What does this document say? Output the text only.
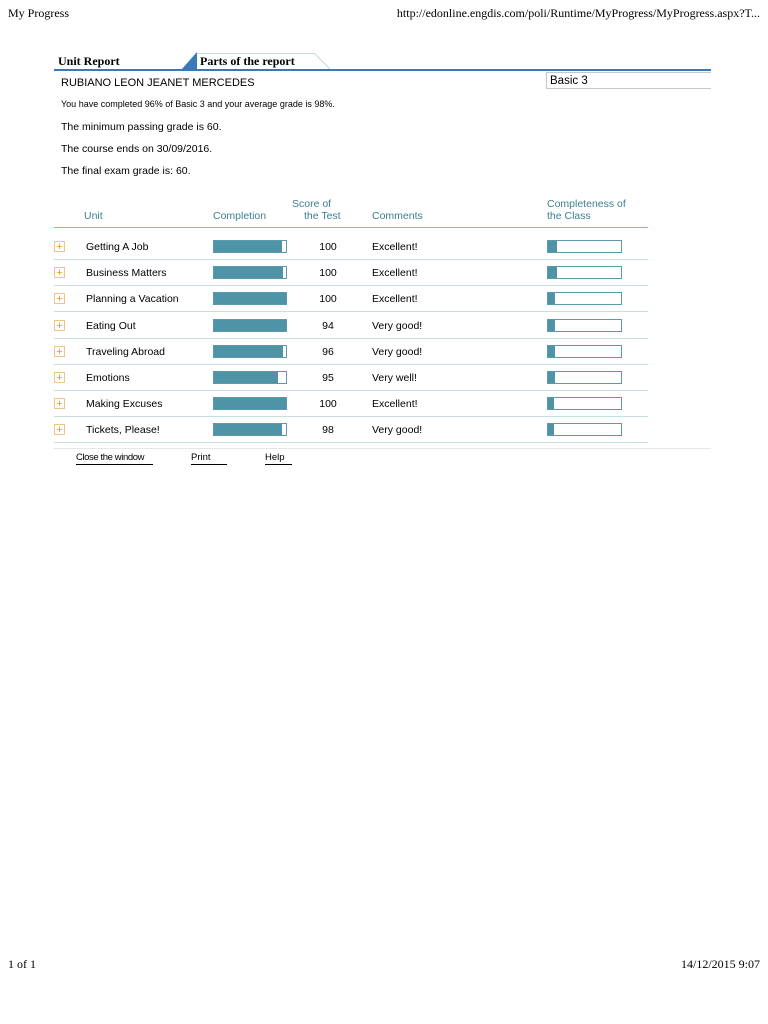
My Progress	http://edonline.engdis.com/poli/Runtime/MyProgress/MyProgress.aspx?T...
Unit Report	Parts of the report
RUBIANO LEON JEANET MERCEDES	Basic 3
You have completed 96% of Basic 3 and your average grade is 98%.
The minimum passing grade is 60.
The course ends on 30/09/2016.
The final exam grade is: 60.
Unit	Completion
Score of
the Test	Comments
Completeness of
the Class
+ Getting A Job	100	Excellent!
+ Business Matters	100	Excellent!
+ Planning a Vacation	100	Excellent!
+ Eating Out	94	Very good!
+ Traveling Abroad	96	Very good!
+ Emotions	95	Very well!
+ Making Excuses	100	Excellent!
+ Tickets, Please!	98	Very good!
Close the window	Print	Help
1 of 1	14/12/2015 9:07
